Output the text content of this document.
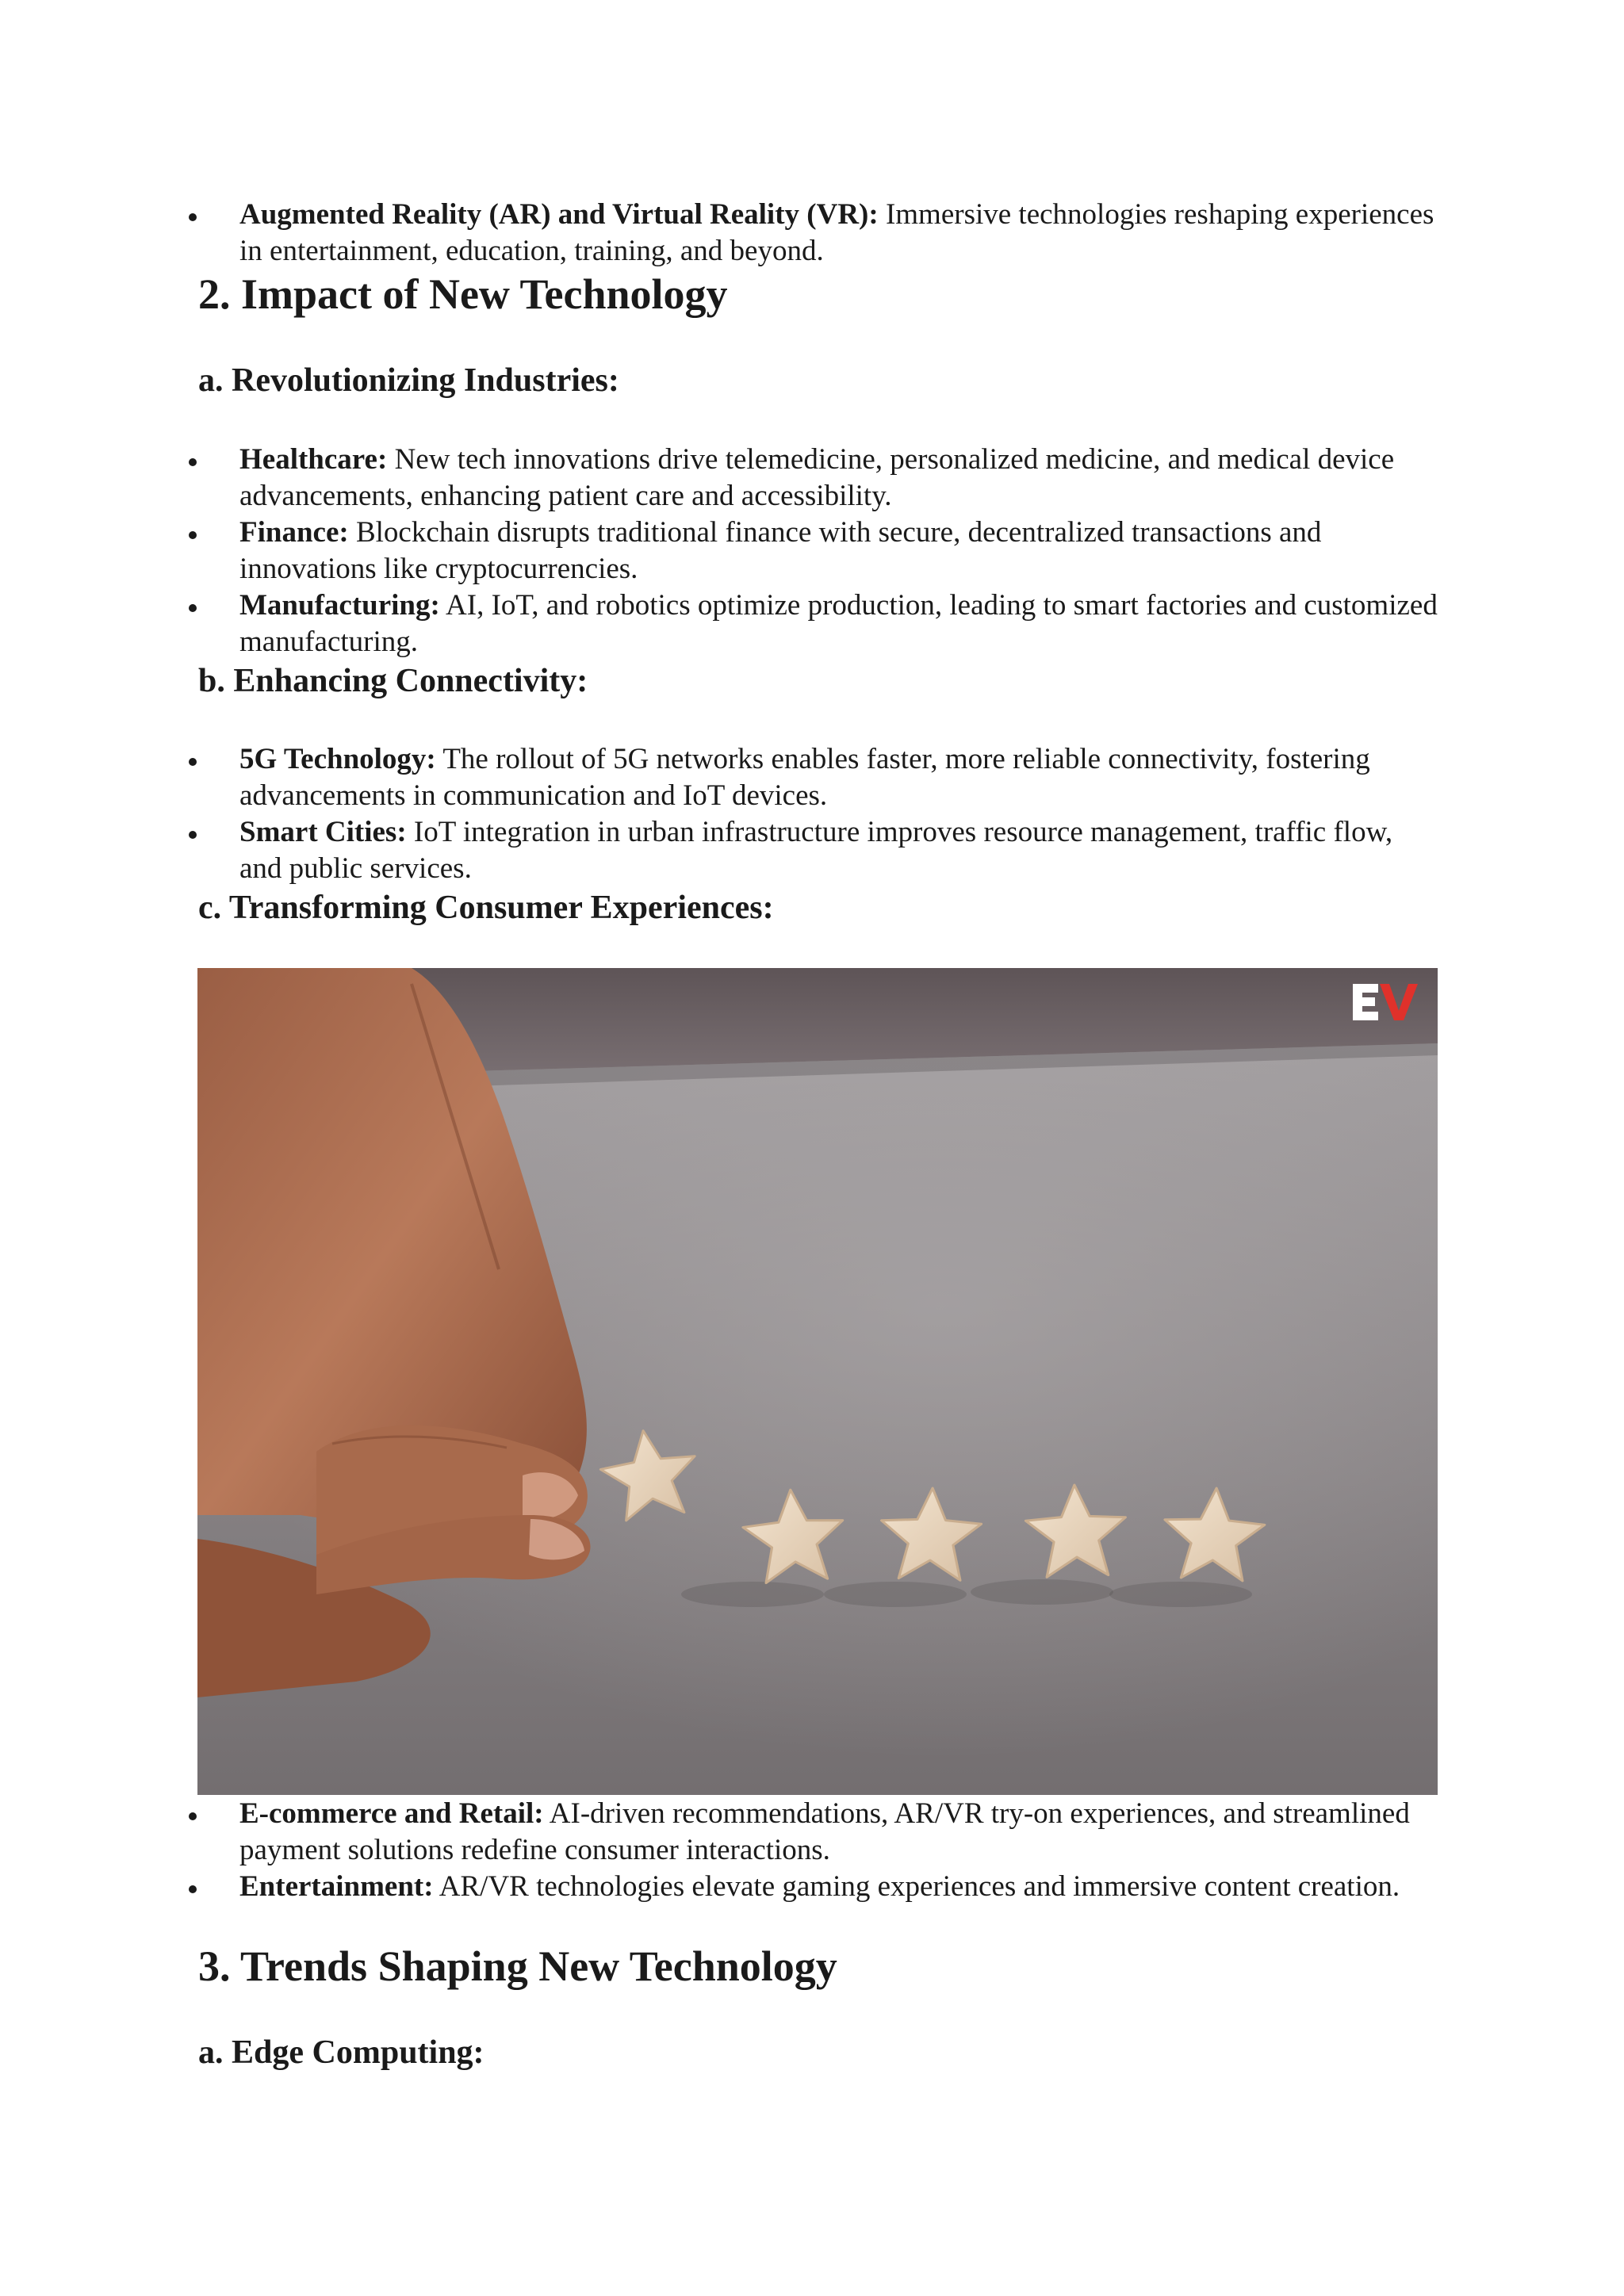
Augmented Reality (AR) and Virtual Reality (VR): Immersive technologies reshaping experiences in entertainment, education, training, and beyond.
2. Impact of New Technology
a. Revolutionizing Industries:
Healthcare: New tech innovations drive telemedicine, personalized medicine, and medical device advancements, enhancing patient care and accessibility.
Finance: Blockchain disrupts traditional finance with secure, decentralized transactions and innovations like cryptocurrencies.
Manufacturing: AI, IoT, and robotics optimize production, leading to smart factories and customized manufacturing.
b. Enhancing Connectivity:
5G Technology: The rollout of 5G networks enables faster, more reliable connectivity, fostering advancements in communication and IoT devices.
Smart Cities: IoT integration in urban infrastructure improves resource management, traffic flow, and public services.
c. Transforming Consumer Experiences:
E-commerce and Retail: AI-driven recommendations, AR/VR try-on experiences, and streamlined payment solutions redefine consumer interactions.
Entertainment: AR/VR technologies elevate gaming experiences and immersive content creation.
3. Trends Shaping New Technology
a. Edge Computing:
